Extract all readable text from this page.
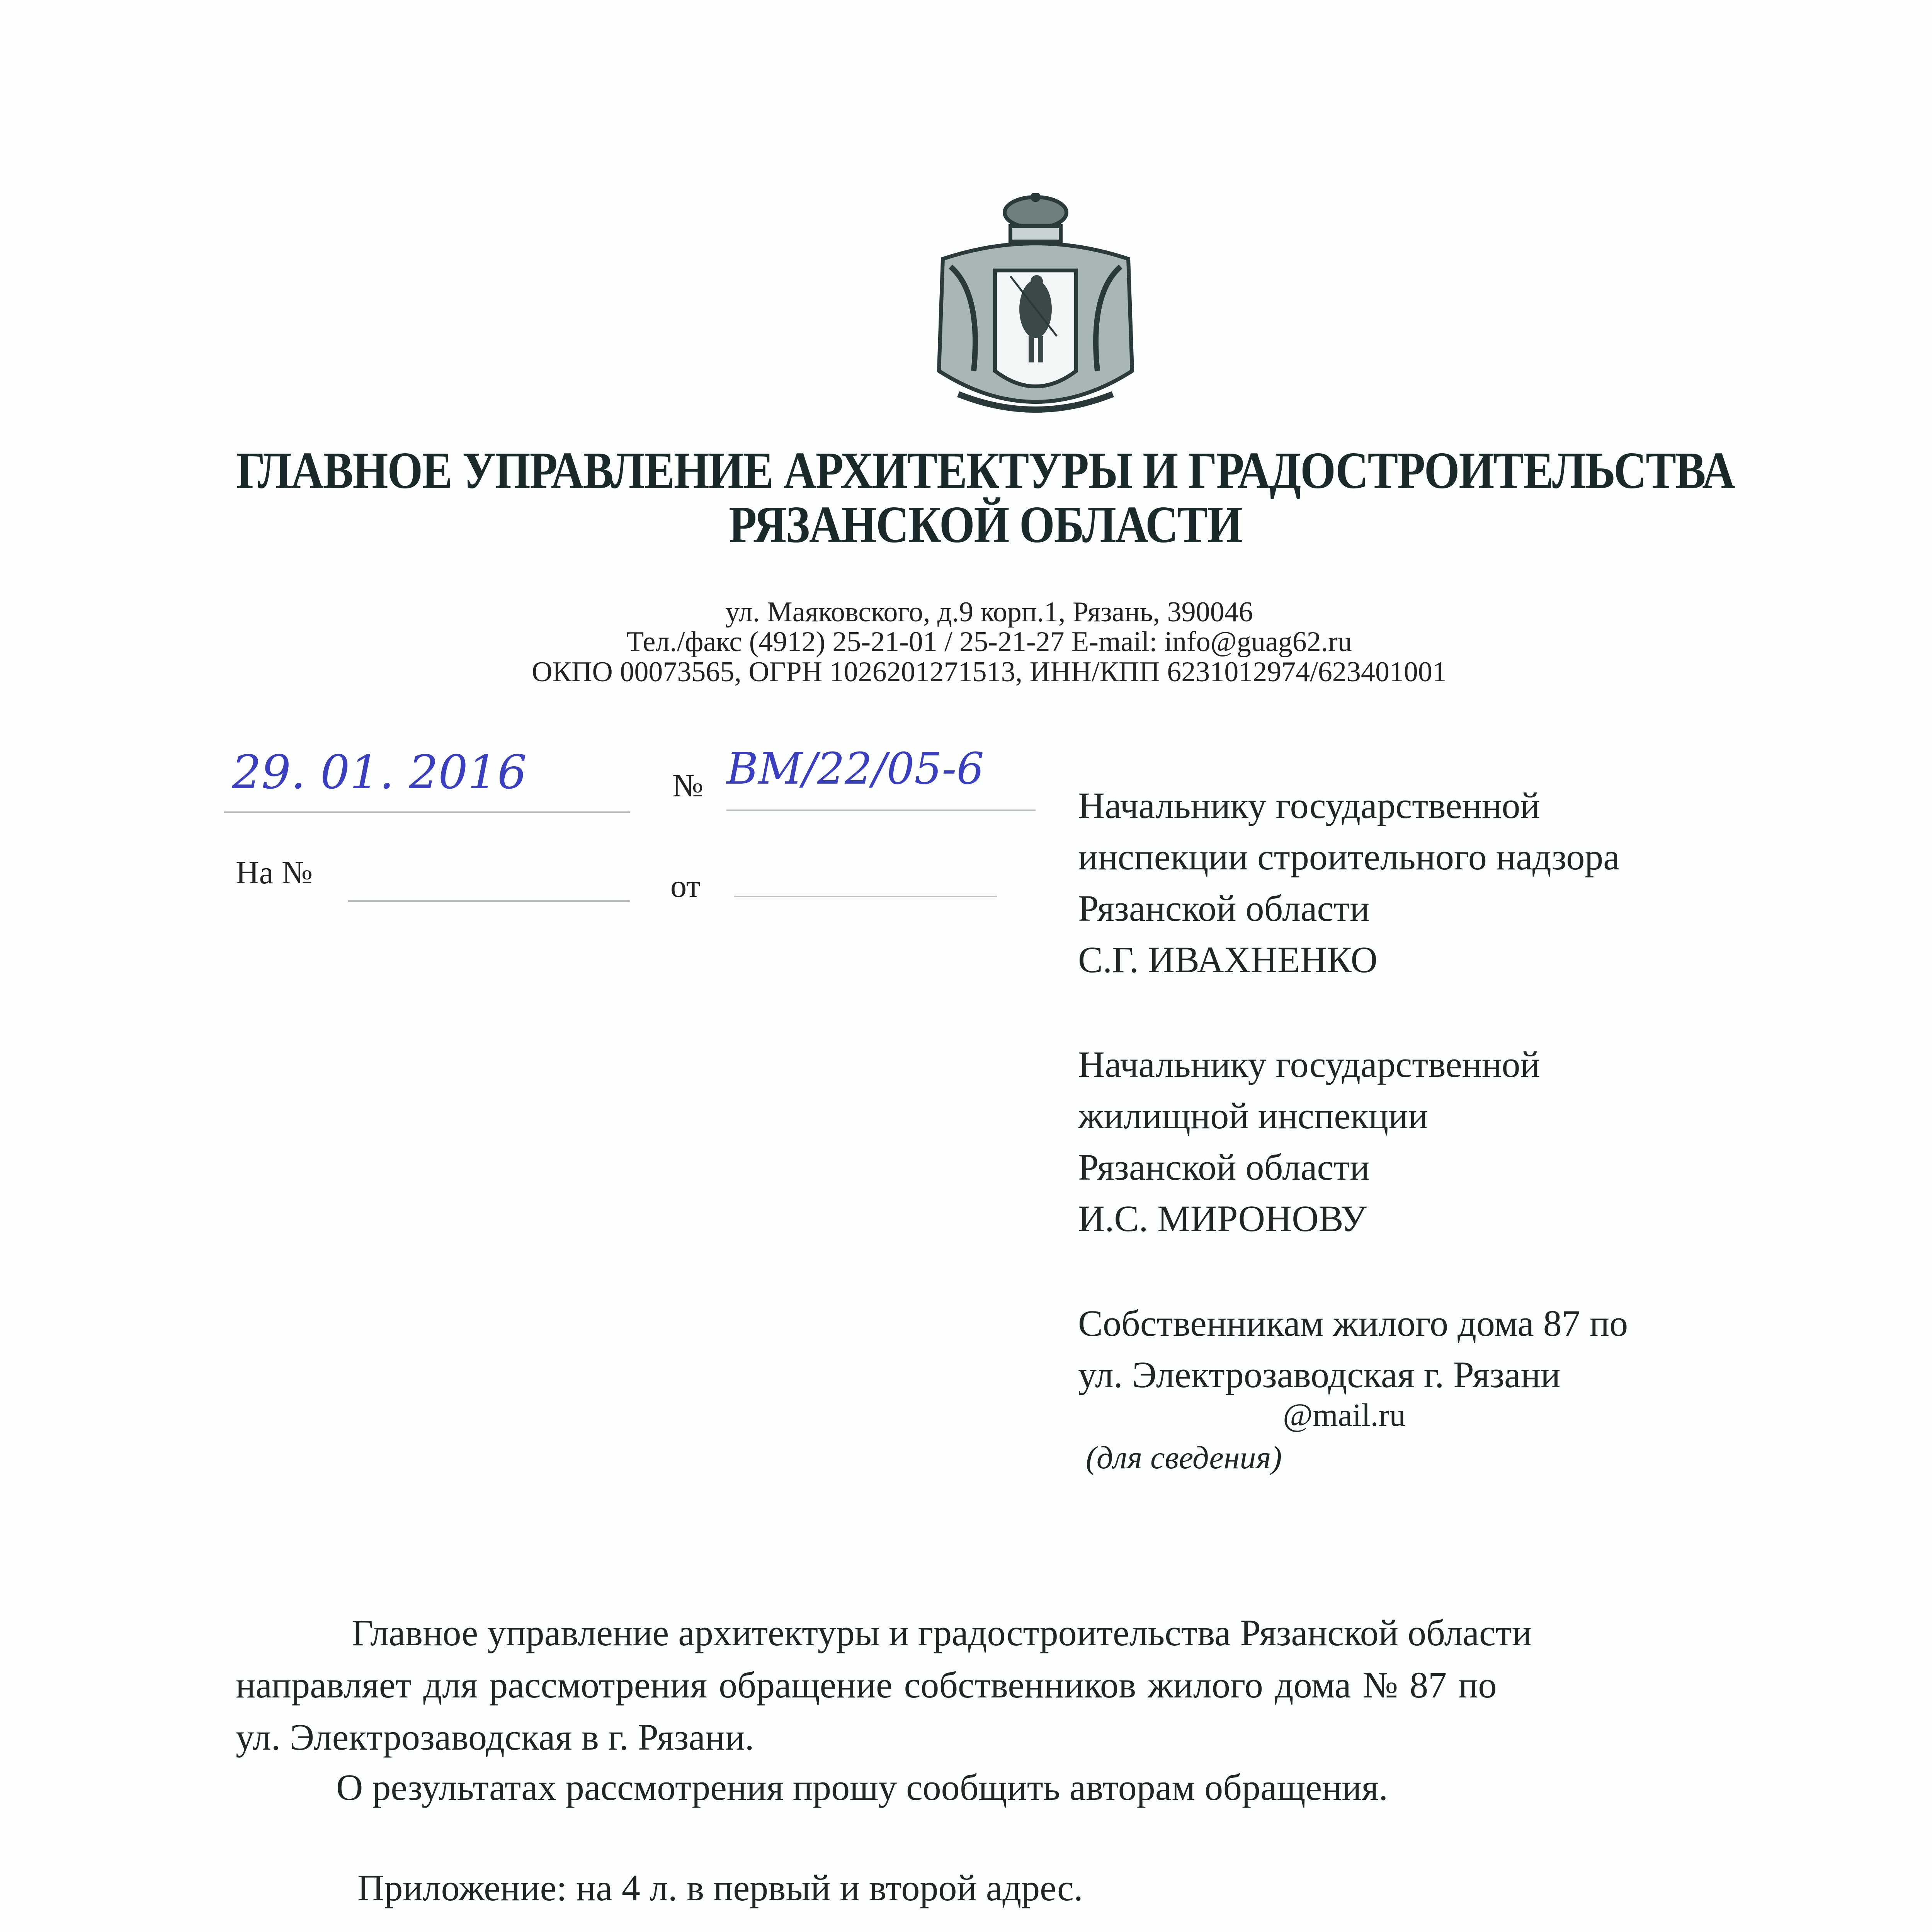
ГЛАВНОЕ УПРАВЛЕНИЕ АРХИТЕКТУРЫ И ГРАДОСТРОИТЕЛЬСТВА
РЯЗАНСКОЙ ОБЛАСТИ
ул. Маяковского, д.9 корп.1, Рязань, 390046
Тел./факс (4912) 25-21-01 / 25-21-27 E-mail: info@guag62.ru
ОКПО 00073565, ОГРН 1026201271513, ИНН/КПП 6231012974/623401001
29. 01. 2016	№ ВМ/22/05-6
На №	от
Начальнику государственной
инспекции строительного надзора
Рязанской области
С.Г. ИВАХНЕНКО
Начальнику государственной
жилищной инспекции
Рязанской области
И.С. МИРОНОВУ
Собственникам жилого дома 87 по
ул. Электрозаводская г. Рязани
@mail.ru
(для сведения)
Главное управление архитектуры и градостроительства Рязанской области
направляет для рассмотрения обращение собственников жилого дома № 87 по
ул. Электрозаводская в г. Рязани.
О результатах рассмотрения прошу сообщить авторам обращения.
Приложение: на 4 л. в первый и второй адрес.
